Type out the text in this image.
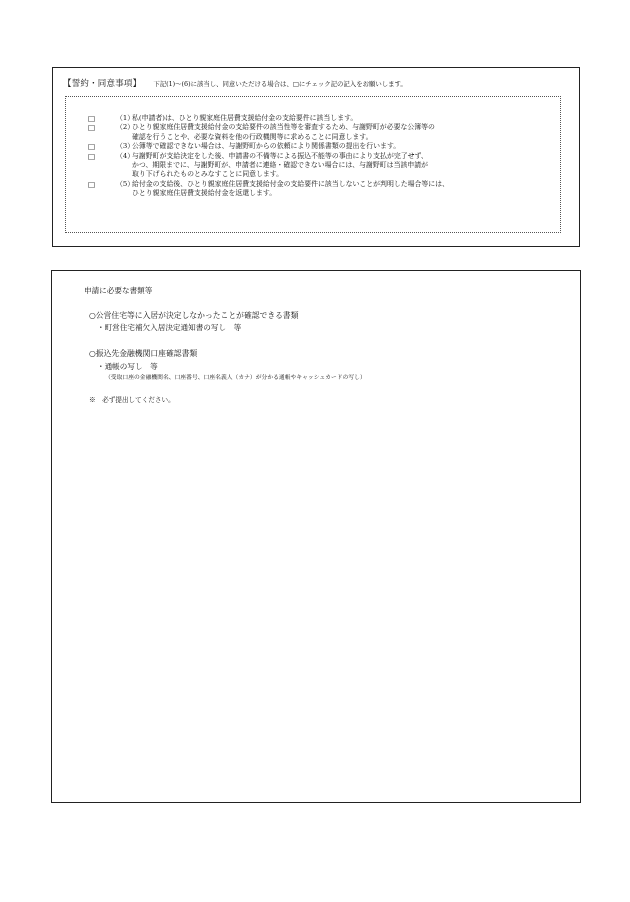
【誓約・同意事項】 下記(1)～(6)に該当し、同意いただける場合は、□にチェック記の記入をお願いします。
□	（1）
私(申請者)は、ひとり親家庭住居費支援給付金の支給要件に該当します。
□	（2）
ひとり親家庭住居費支援給付金の支給要件の該当性等を審査するため、与謝野町が必要な公簿等の
確認を行うことや、必要な資料を他の行政機関等に求めることに同意します。
□	（3）
公簿等で確認できない場合は、与謝野町からの依頼により関係書類の提出を行います。
□	（4）
与謝野町が支給決定をした後、申請書の不備等による振込不能等の事由により支払が完了せず、
かつ、期限までに、与謝野町が、申請者に連絡・確認できない場合には、与謝野町は当該申請が
取り下げられたものとみなすことに同意します。
□	（5）
給付金の支給後、ひとり親家庭住居費支援給付金の支給要件に該当しないことが判明した場合等には、
ひとり親家庭住居費支援給付金を返還します。
申請に必要な書類等
○公営住宅等に入居が決定しなかったことが確認できる書類
・町営住宅補欠入居決定通知書の写し　等
○振込先金融機関口座確認書類
・通帳の写し　等
（受取口座の金融機関名、口座番号、口座名義人（カナ）が分かる通帳やキャッシュカードの写し）
※　必ず提出してください。
